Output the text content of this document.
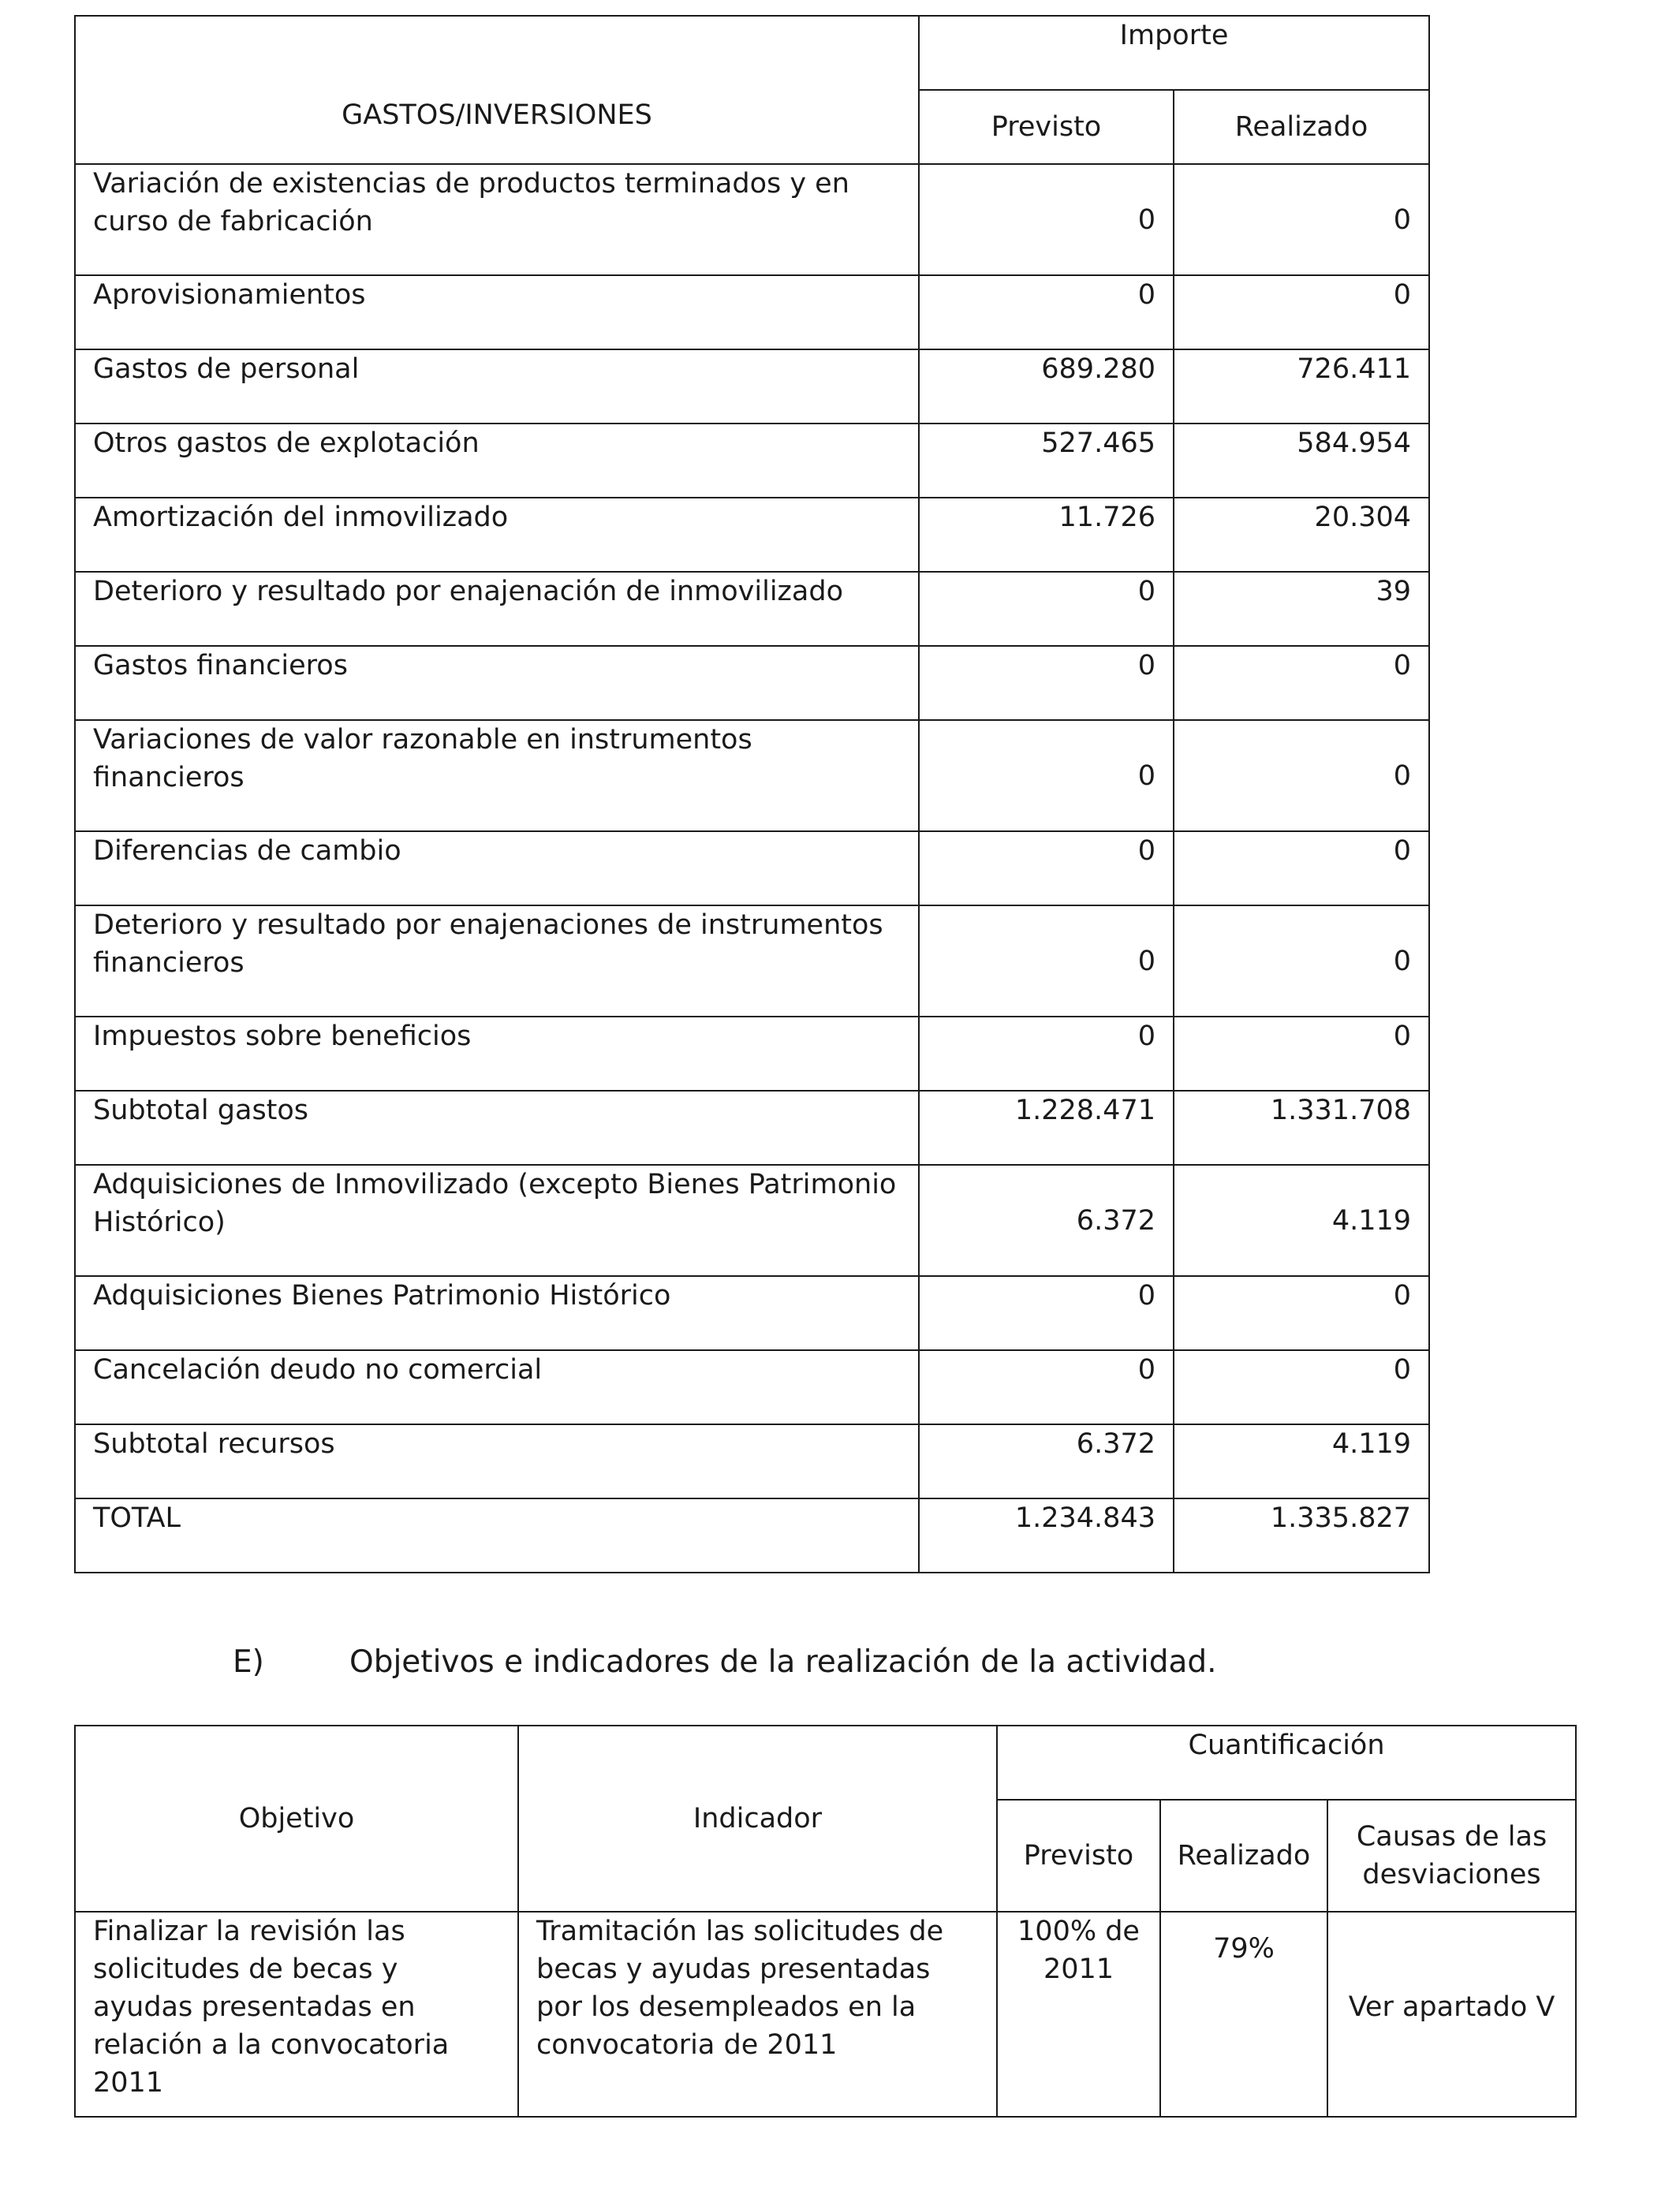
GASTOS/INVERSIONES	Importe	
	Previsto	Realizado
Variación de existencias de productos terminados y en curso de fabricación	0	0
Aprovisionamientos	0	0
Gastos de personal	689.280	726.411
Otros gastos de explotación	527.465	584.954
Amortización del inmovilizado	11.726	20.304
Deterioro y resultado por enajenación de inmovilizado	0	39
Gastos financieros	0	0
Variaciones de valor razonable en instrumentos financieros	0	0
Diferencias de cambio	0	0
Deterioro y resultado por enajenaciones de instrumentos financieros	0	0
Impuestos sobre beneficios	0	0
Subtotal gastos	1.228.471	1.331.708
Adquisiciones de Inmovilizado (excepto Bienes Patrimonio Histórico)	6.372	4.119
Adquisiciones Bienes Patrimonio Histórico	0	0
Cancelación deudo no comercial	0	0
Subtotal recursos	6.372	4.119
TOTAL	1.234.843	1.335.827
E)	Objetivos e indicadores de la realización de la actividad.
Objetivo	Indicador	Cuantificación		
		Previsto	Realizado	Causas de las desviaciones
Finalizar la revisión las solicitudes de becas y ayudas presentadas en relación a la convocatoria 2011	Tramitación las solicitudes de becas y ayudas presentadas por los desempleados en la convocatoria de 2011	100% de 2011	79%	Ver apartado V
